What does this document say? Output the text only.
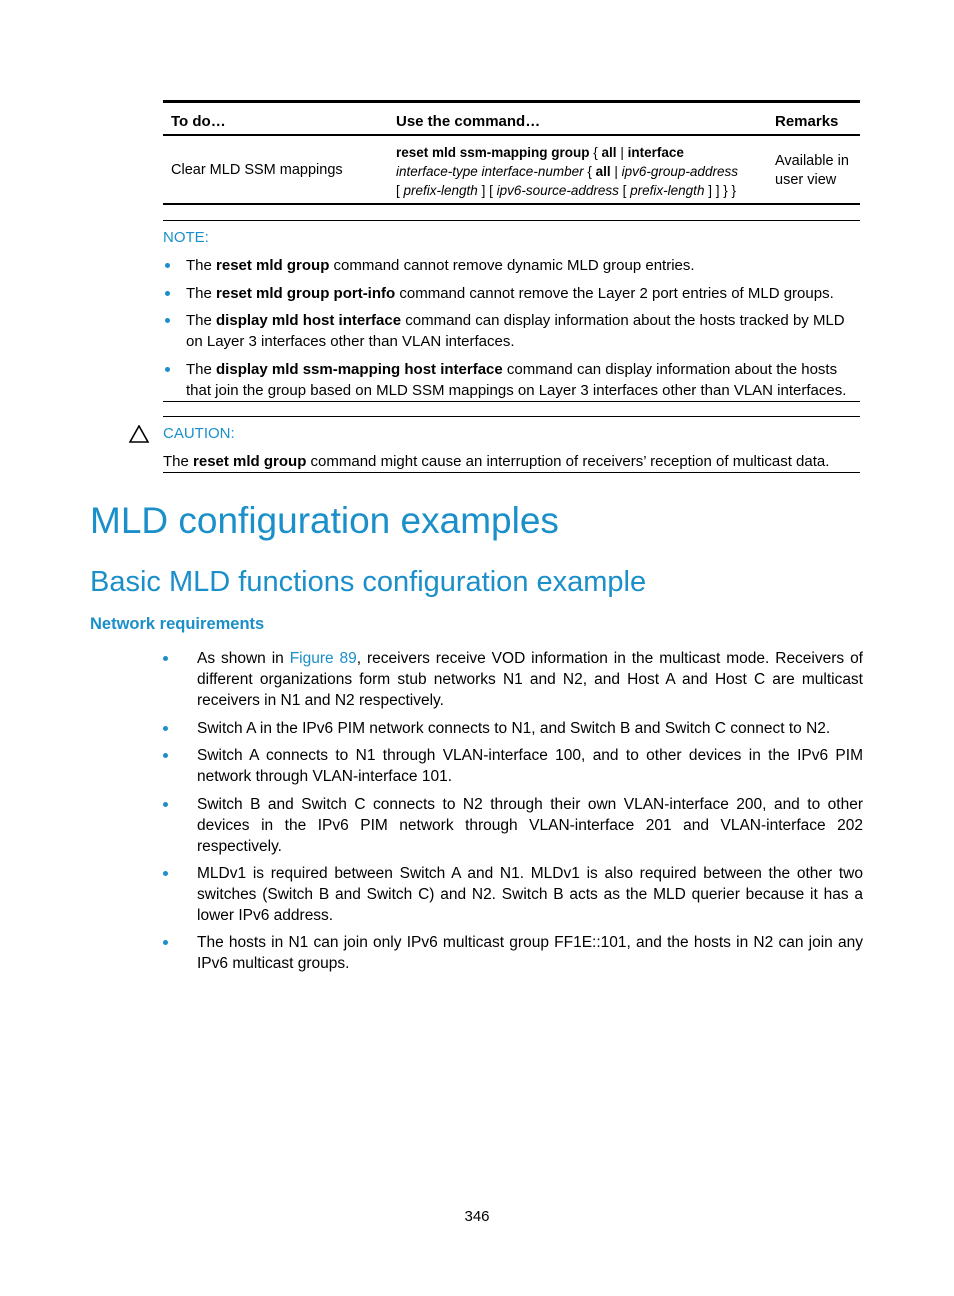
To do…	Use the command…	Remarks
Clear MLD SSM mappings
reset mld ssm-mapping group { all | interface
interface-type interface-number { all | ipv6-group-address
[ prefix-length ] [ ipv6-source-address [ prefix-length ] ] } }
Available in
user view
NOTE:
The reset mld group command cannot remove dynamic MLD group entries.
The reset mld group port-info command cannot remove the Layer 2 port entries of MLD groups.
The display mld host interface command can display information about the hosts tracked by MLD on Layer 3 interfaces other than VLAN interfaces.
The display mld ssm-mapping host interface command can display information about the hosts that join the group based on MLD SSM mappings on Layer 3 interfaces other than VLAN interfaces.
CAUTION:
The reset mld group command might cause an interruption of receivers’ reception of multicast data.
MLD configuration examples
Basic MLD functions configuration example
Network requirements
As shown in Figure 89, receivers receive VOD information in the multicast mode. Receivers of different organizations form stub networks N1 and N2, and Host A and Host C are multicast receivers in N1 and N2 respectively.
Switch A in the IPv6 PIM network connects to N1, and Switch B and Switch C connect to N2.
Switch A connects to N1 through VLAN-interface 100, and to other devices in the IPv6 PIM network through VLAN-interface 101.
Switch B and Switch C connects to N2 through their own VLAN-interface 200, and to other devices in the IPv6 PIM network through VLAN-interface 201 and VLAN-interface 202 respectively.
MLDv1 is required between Switch A and N1. MLDv1 is also required between the other two switches (Switch B and Switch C) and N2. Switch B acts as the MLD querier because it has a lower IPv6 address.
The hosts in N1 can join only IPv6 multicast group FF1E::101, and the hosts in N2 can join any IPv6 multicast groups.
346
